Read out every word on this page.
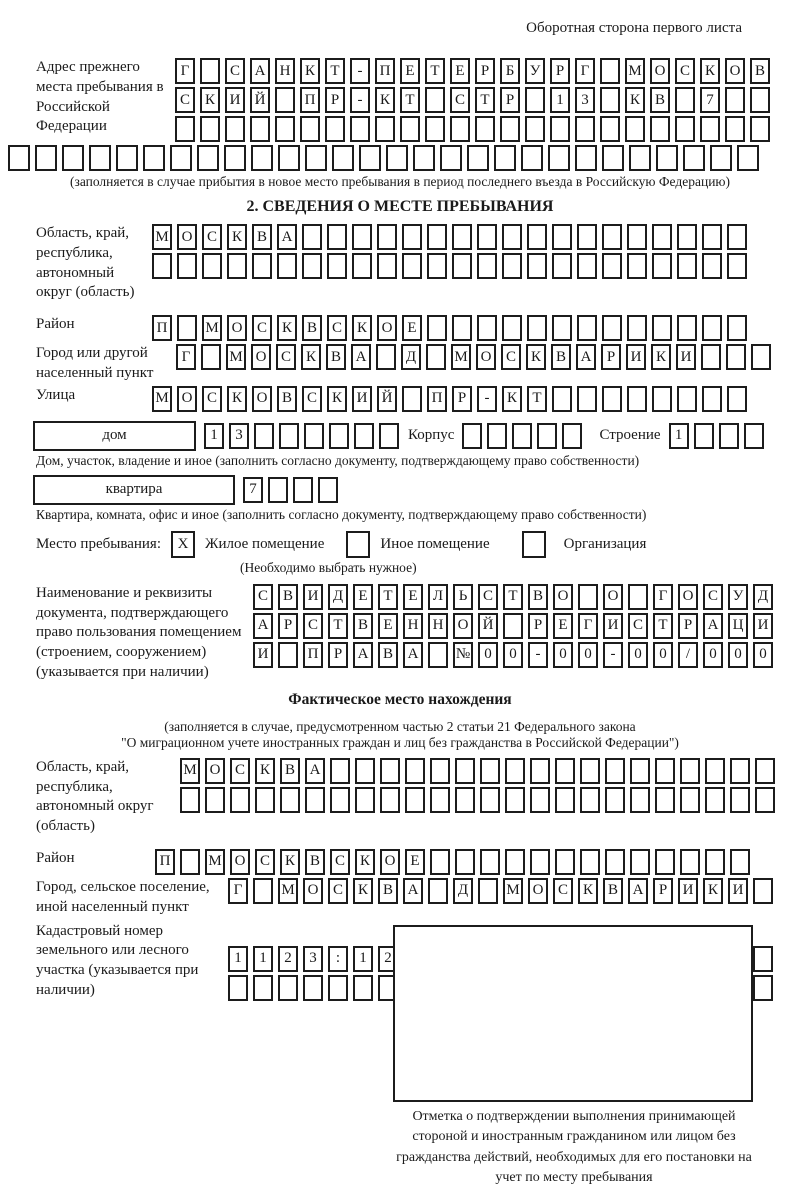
Оборотная сторона первого листа
Адрес прежнего места пребывания в Российской Федерации
Г	С А Н К	Т	-	П Е	Т	Е	Р	Б	У	Р	Г	М О С К О В
С К И Й	П	Р	-	К	Т	С	Т	Р	1	3	К В	7
(заполняется в случае прибытия в новое место пребывания в период последнего въезда в Российскую Федерацию)
2. СВЕДЕНИЯ О МЕСТЕ ПРЕБЫВАНИЯ
Область, край, республика, автономный округ (область)
М О С К В А
Район	П	М О С К В С К О Е
Город или другой населенный пункт
Г	М О С К В А	Д	М О С К В А	Р	И К И
Улица	М О С К О В С К И Й	П	Р	-	К	Т
дом	1	3	Корпус	Строение 1
Дом, участок, владение и иное (заполнить согласно документу, подтверждающему право собственности)
квартира	7
Квартира, комната, офис и иное (заполнить согласно документу, подтверждающему право собственности)
Место пребывания:	X	Жилое помещение	Иное помещение	Организация
(Необходимо выбрать нужное)
Наименование и реквизиты документа, подтверждающего право пользования помещением (строением, сооружением) (указывается при наличии)
С В И Д	Е	Т	Е	Л	Ь	С	Т	В О	О	Г	О С У Д
А	Р	С	Т	В	Е	Н Н О Й	Р	Е	Г	И С	Т	Р	А Ц И
И	П	Р	А В А	№ 0	0	-	0	0	-	0	0	/	0	0	0
Фактическое место нахождения
(заполняется в случае, предусмотренном частью 2 статьи 21 Федерального закона
"О миграционном учете иностранных граждан и лиц без гражданства в Российской Федерации")
Область, край, республика, автономный округ (область)
М О С К В А
Район	П	М О С К В С К О Е
Город, сельское поселение, иной населенный пункт
Г	М О С К В А	Д	М О С К В А	Р	И К И
Кадастровый номер земельного или лесного участка (указывается при наличии)
1	1	2	3	:	1	2
Отметка о подтверждении выполнения принимающей стороной и иностранным гражданином или лицом без гражданства действий, необходимых для его постановки на учет по месту пребывания
